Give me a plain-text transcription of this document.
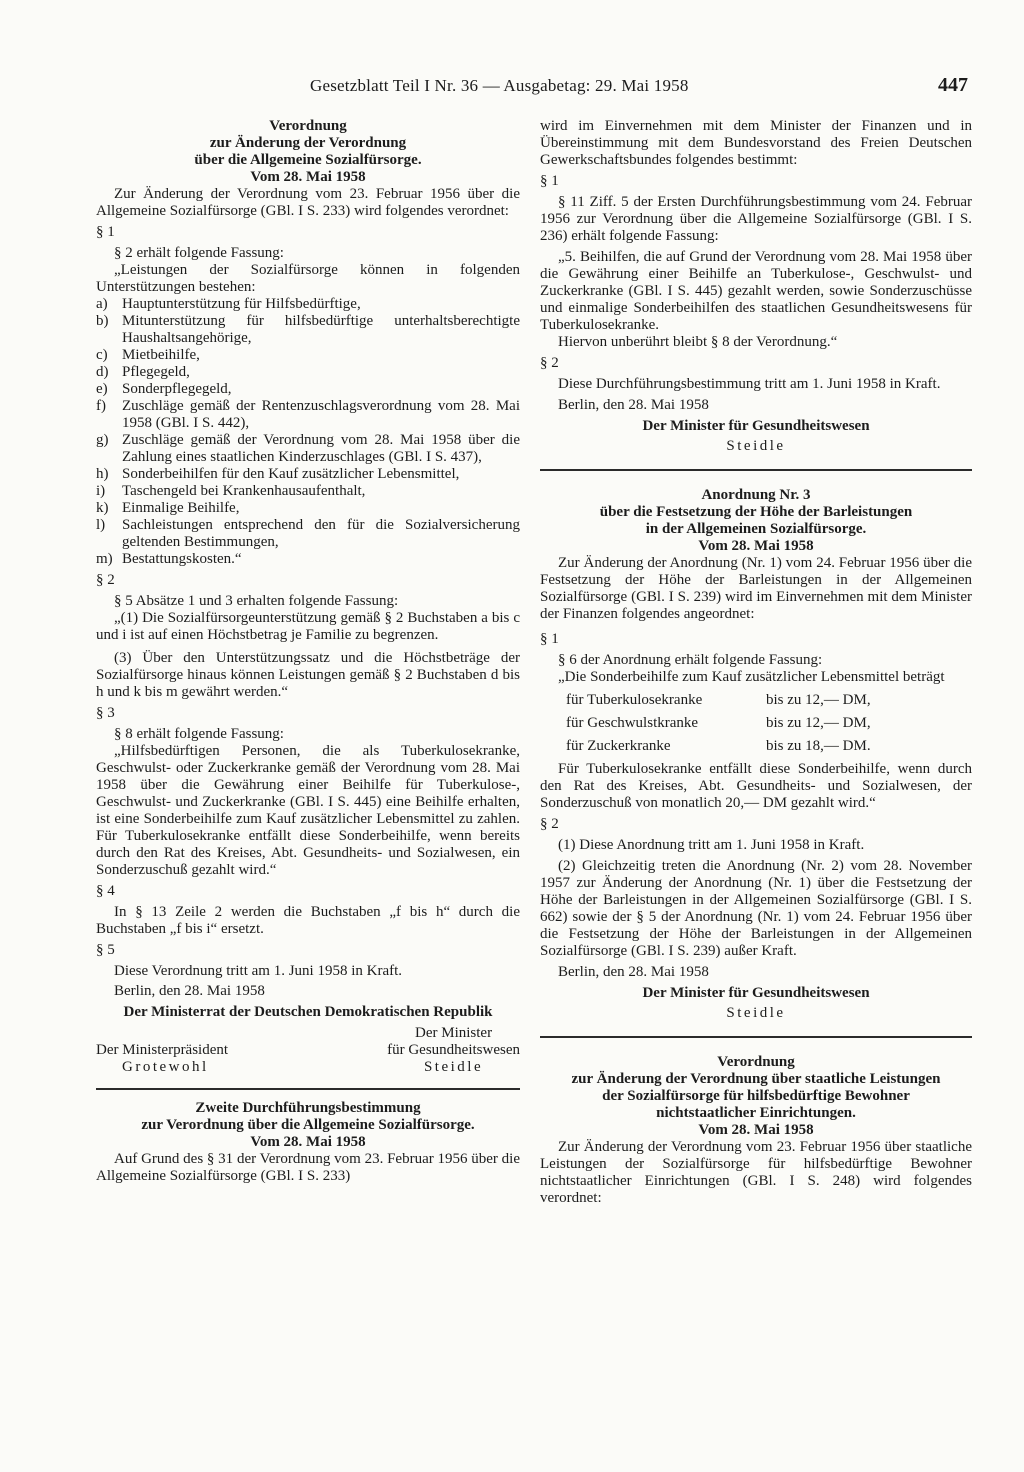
Gesetzblatt Teil I Nr. 36 — Ausgabetag: 29. Mai 1958	447

Verordnung

zur Änderung der Verordnung

über die Allgemeine Sozialfürsorge.

Vom 28. Mai 1958

Zur Änderung der Verordnung vom 23. Februar 1956 über die Allgemeine Sozialfürsorge (GBl. I S. 233) wird folgendes verordnet:

§ 1

§ 2 erhält folgende Fassung:

„Leistungen der Sozialfürsorge können in folgenden Unterstützungen bestehen:

a) Hauptunterstützung für Hilfsbedürftige,
b) Mitunterstützung für hilfsbedürftige unterhaltsberechtigte Haushaltsangehörige,
c) Mietbeihilfe,
d) Pflegegeld,
e) Sonderpflegegeld,
f)	Zuschläge gemäß der Rentenzuschlagsverordnung vom 28. Mai 1958 (GBl. I S. 442),
g) Zuschläge gemäß der Verordnung vom 28. Mai 1958 über die Zahlung eines staatlichen Kinderzuschlages (GBl. I S. 437),
h) Sonderbeihilfen für den Kauf zusätzlicher Lebensmittel,
i)	Taschengeld bei Krankenhausaufenthalt,
k) Einmalige Beihilfe,
l)	Sachleistungen entsprechend den für die Sozialversicherung geltenden Bestimmungen,
m) Bestattungskosten.“

§ 2

§ 5 Absätze 1 und 3 erhalten folgende Fassung:

„(1) Die Sozialfürsorgeunterstützung gemäß § 2 Buchstaben a bis c und i ist auf einen Höchstbetrag je Familie zu begrenzen.

(3) Über den Unterstützungssatz und die Höchstbeträge der Sozialfürsorge hinaus können Leistungen gemäß § 2 Buchstaben d bis h und k bis m gewährt werden.“

§ 3

§ 8 erhält folgende Fassung:

„Hilfsbedürftigen Personen, die als Tuberkulosekranke, Geschwulst- oder Zuckerkranke gemäß der Verordnung vom 28. Mai 1958 über die Gewährung einer Beihilfe für Tuberkulose-, Geschwulst- und Zuckerkranke (GBl. I S. 445) eine Beihilfe erhalten, ist eine Sonderbeihilfe zum Kauf zusätzlicher Lebensmittel zu zahlen. Für Tuberkulosekranke entfällt diese Sonderbeihilfe, wenn bereits durch den Rat des Kreises, Abt. Gesundheits- und Sozialwesen, ein Sonderzuschuß gezahlt wird.“

§ 4

In § 13 Zeile 2 werden die Buchstaben „f bis h“ durch die Buchstaben „f bis i“ ersetzt.

§ 5

Diese Verordnung tritt am 1. Juni 1958 in Kraft.

Berlin, den 28. Mai 1958

Der Ministerrat der Deutschen Demokratischen Republik

Der Ministerpräsident

Grotewohl

Der Minister

für Gesundheitswesen

Steidle

Zweite Durchführungsbestimmung

zur Verordnung über die Allgemeine Sozialfürsorge.

Vom 28. Mai 1958

Auf Grund des § 31 der Verordnung vom 23. Februar 1956 über die Allgemeine Sozialfürsorge (GBl. I S. 233)

wird im Einvernehmen mit dem Minister der Finanzen und in Übereinstimmung mit dem Bundesvorstand des Freien Deutschen Gewerkschaftsbundes folgendes bestimmt:

§ 1

§ 11 Ziff. 5 der Ersten Durchführungsbestimmung vom 24. Februar 1956 zur Verordnung über die Allgemeine Sozialfürsorge (GBl. I S. 236) erhält folgende Fassung:

„5. Beihilfen, die auf Grund der Verordnung vom 28. Mai 1958 über die Gewährung einer Beihilfe an Tuberkulose-, Geschwulst- und Zuckerkranke (GBl. I S. 445) gezahlt werden, sowie Sonderzuschüsse und einmalige Sonderbeihilfen des staatlichen Gesundheitswesens für Tuberkulosekranke.

Hiervon unberührt bleibt § 8 der Verordnung.“

§ 2

Diese Durchführungsbestimmung tritt am 1. Juni 1958 in Kraft.

Berlin, den 28. Mai 1958

Der Minister für Gesundheitswesen

Steidle

Anordnung Nr. 3

über die Festsetzung der Höhe der Barleistungen

in der Allgemeinen Sozialfürsorge.

Vom 28. Mai 1958

Zur Änderung der Anordnung (Nr. 1) vom 24. Februar 1956 über die Festsetzung der Höhe der Barleistungen in der Allgemeinen Sozialfürsorge (GBl. I S. 239) wird im Einvernehmen mit dem Minister der Finanzen folgendes angeordnet:

§ 1

§ 6 der Anordnung erhält folgende Fassung:

„Die Sonderbeihilfe zum Kauf zusätzlicher Lebensmittel beträgt

für Tuberkulosekranke	bis zu 12,— DM,
für Geschwulstkranke	bis zu 12,— DM,
für Zuckerkranke	bis zu 18,— DM.

Für Tuberkulosekranke entfällt diese Sonderbeihilfe, wenn durch den Rat des Kreises, Abt. Gesundheits- und Sozialwesen, der Sonderzuschuß von monatlich 20,— DM gezahlt wird.“

§ 2

(1) Diese Anordnung tritt am 1. Juni 1958 in Kraft.

(2) Gleichzeitig treten die Anordnung (Nr. 2) vom 28. November 1957 zur Änderung der Anordnung (Nr. 1) über die Festsetzung der Höhe der Barleistungen in der Allgemeinen Sozialfürsorge (GBl. I S. 662) sowie der § 5 der Anordnung (Nr. 1) vom 24. Februar 1956 über die Festsetzung der Höhe der Barleistungen in der Allgemeinen Sozialfürsorge (GBl. I S. 239) außer Kraft.

Berlin, den 28. Mai 1958

Der Minister für Gesundheitswesen

Steidle

Verordnung

zur Änderung der Verordnung über staatliche Leistungen

der Sozialfürsorge für hilfsbedürftige Bewohner

nichtstaatlicher Einrichtungen.

Vom 28. Mai 1958

Zur Änderung der Verordnung vom 23. Februar 1956 über staatliche Leistungen der Sozialfürsorge für hilfsbedürftige Bewohner nichtstaatlicher Einrichtungen (GBl. I S. 248) wird folgendes verordnet:
